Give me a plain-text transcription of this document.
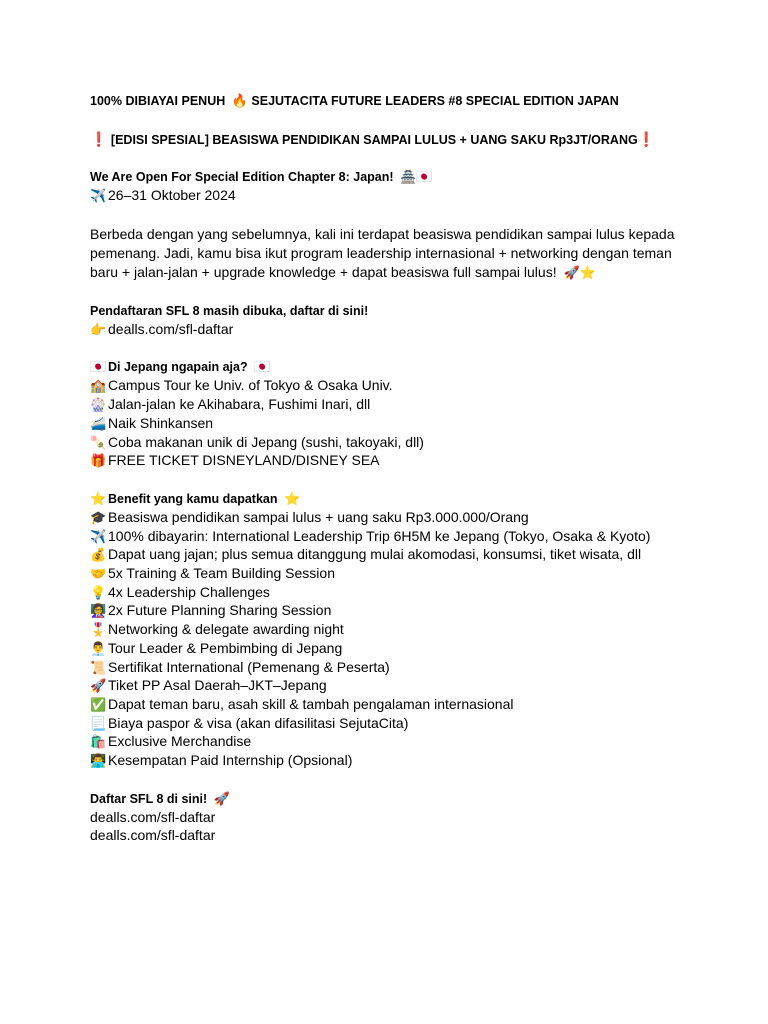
100% DIBIAYAI PENUH 🔥 SEJUTACITA FUTURE LEADERS #8 SPECIAL EDITION JAPAN
❗ [EDISI SPESIAL] BEASISWA PENDIDIKAN SAMPAI LULUS + UANG SAKU Rp3JT/ORANG❗
We Are Open For Special Edition Chapter 8: Japan! 🏯🇯🇵
✈️ 26–31 Oktober 2024
Berbeda dengan yang sebelumnya, kali ini terdapat beasiswa pendidikan sampai lulus kepada pemenang. Jadi, kamu bisa ikut program leadership internasional + networking dengan teman baru + jalan-jalan + upgrade knowledge + dapat beasiswa full sampai lulus! 🚀⭐
Pendaftaran SFL 8 masih dibuka, daftar di sini!
👉 dealls.com/sfl-daftar
🇯🇵 Di Jepang ngapain aja? 🇯🇵
🏫 Campus Tour ke Univ. of Tokyo & Osaka Univ.
🎡 Jalan-jalan ke Akihabara, Fushimi Inari, dll
🚄 Naik Shinkansen
🍡 Coba makanan unik di Jepang (sushi, takoyaki, dll)
🎁 FREE TICKET DISNEYLAND/DISNEY SEA
⭐ Benefit yang kamu dapatkan ⭐
🎓 Beasiswa pendidikan sampai lulus + uang saku Rp3.000.000/Orang
✈️ 100% dibayarin: International Leadership Trip 6H5M ke Jepang (Tokyo, Osaka & Kyoto)
💰 Dapat uang jajan; plus semua ditanggung mulai akomodasi, konsumsi, tiket wisata, dll
🤝 5x Training & Team Building Session
💡 4x Leadership Challenges
👩‍🏫 2x Future Planning Sharing Session
🎖️ Networking & delegate awarding night
👨‍💼 Tour Leader & Pembimbing di Jepang
📜 Sertifikat International (Pemenang & Peserta)
🚀 Tiket PP Asal Daerah–JKT–Jepang
✅ Dapat teman baru, asah skill & tambah pengalaman internasional
📃 Biaya paspor & visa (akan difasilitasi SejutaCita)
🛍️ Exclusive Merchandise
👨‍💻 Kesempatan Paid Internship (Opsional)
Daftar SFL 8 di sini! 🚀
dealls.com/sfl-daftar
dealls.com/sfl-daftar
